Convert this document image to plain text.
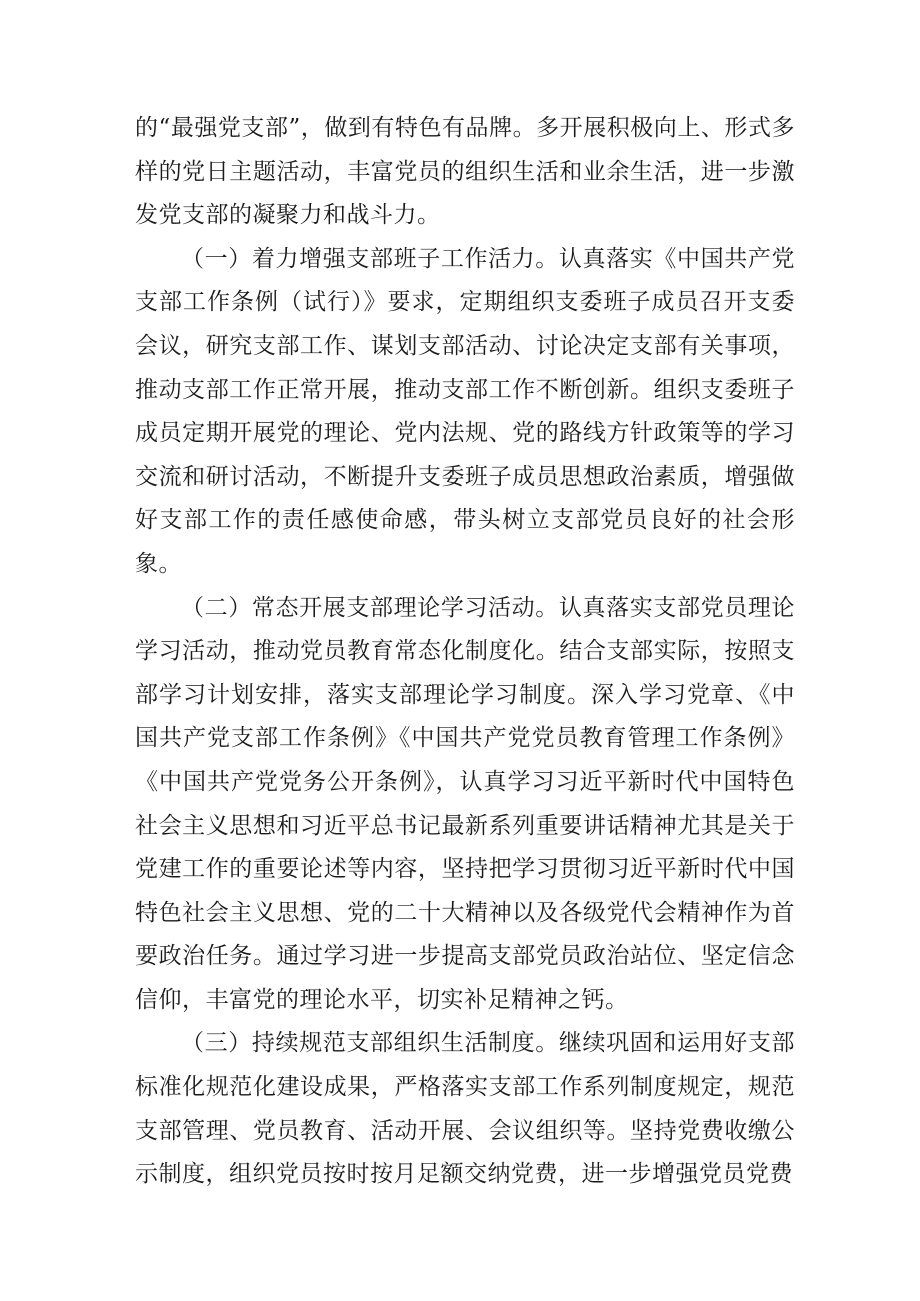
的“最强党支部”，做到有特色有品牌。多开展积极向上、形式多样的党日主题活动，丰富党员的组织生活和业余生活，进一步激发党支部的凝聚力和战斗力。

（一）着力增强支部班子工作活力。认真落实《中国共产党支部工作条例（试行）》要求，定期组织支委班子成员召开支委会议，研究支部工作、谋划支部活动、讨论决定支部有关事项，推动支部工作正常开展，推动支部工作不断创新。组织支委班子成员定期开展党的理论、党内法规、党的路线方针政策等的学习交流和研讨活动，不断提升支委班子成员思想政治素质，增强做好支部工作的责任感使命感，带头树立支部党员良好的社会形象。

（二）常态开展支部理论学习活动。认真落实支部党员理论学习活动，推动党员教育常态化制度化。结合支部实际，按照支部学习计划安排，落实支部理论学习制度。深入学习党章、《中国共产党支部工作条例》《中国共产党党员教育管理工作条例》《中国共产党党务公开条例》，认真学习习近平新时代中国特色社会主义思想和习近平总书记最新系列重要讲话精神尤其是关于党建工作的重要论述等内容，坚持把学习贯彻习近平新时代中国特色社会主义思想、党的二十大精神以及各级党代会精神作为首要政治任务。通过学习进一步提高支部党员政治站位、坚定信念信仰，丰富党的理论水平，切实补足精神之钙。

（三）持续规范支部组织生活制度。继续巩固和运用好支部标准化规范化建设成果，严格落实支部工作系列制度规定，规范支部管理、党员教育、活动开展、会议组织等。坚持党费收缴公示制度，组织党员按时按月足额交纳党费，进一步增强党员党费
